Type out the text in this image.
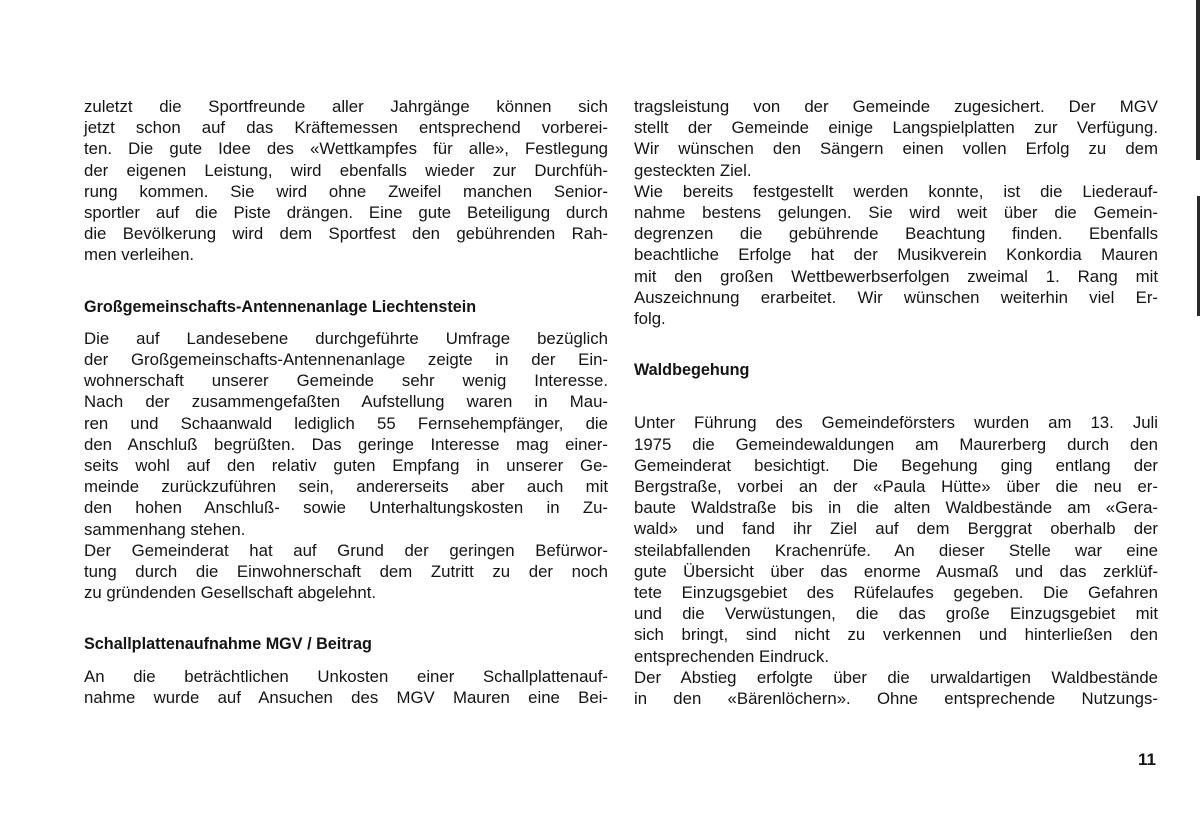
zuletzt die Sportfreunde aller Jahrgänge können sich
jetzt schon auf das Kräftemessen entsprechend vorberei-
ten. Die gute Idee des «Wettkampfes für alle», Festlegung
der eigenen Leistung, wird ebenfalls wieder zur Durchfüh-
rung kommen. Sie wird ohne Zweifel manchen Senior-
sportler auf die Piste drängen. Eine gute Beteiligung durch
die Bevölkerung wird dem Sportfest den gebührenden Rah-
men verleihen.
Großgemeinschafts-Antennenanlage Liechtenstein
Die auf Landesebene durchgeführte Umfrage bezüglich
der Großgemeinschafts-Antennenanlage zeigte in der Ein-
wohnerschaft unserer Gemeinde sehr wenig Interesse.
Nach der zusammengefaßten Aufstellung waren in Mau-
ren und Schaanwald lediglich 55 Fernsehempfänger, die
den Anschluß begrüßten. Das geringe Interesse mag einer-
seits wohl auf den relativ guten Empfang in unserer Ge-
meinde zurückzuführen sein, andererseits aber auch mit
den hohen Anschluß- sowie Unterhaltungskosten in Zu-
sammenhang stehen.
Der Gemeinderat hat auf Grund der geringen Befürwor-
tung durch die Einwohnerschaft dem Zutritt zu der noch
zu gründenden Gesellschaft abgelehnt.
Schallplattenaufnahme MGV / Beitrag
An die beträchtlichen Unkosten einer Schallplattenauf-
nahme wurde auf Ansuchen des MGV Mauren eine Bei-
tragsleistung von der Gemeinde zugesichert. Der MGV
stellt der Gemeinde einige Langspielplatten zur Verfügung.
Wir wünschen den Sängern einen vollen Erfolg zu dem
gesteckten Ziel.
Wie bereits festgestellt werden konnte, ist die Liederauf-
nahme bestens gelungen. Sie wird weit über die Gemein-
degrenzen die gebührende Beachtung finden. Ebenfalls
beachtliche Erfolge hat der Musikverein Konkordia Mauren
mit den großen Wettbewerbserfolgen zweimal 1. Rang mit
Auszeichnung erarbeitet. Wir wünschen weiterhin viel Er-
folg.
Waldbegehung
Unter Führung des Gemeindeförsters wurden am 13. Juli
1975 die Gemeindewaldungen am Maurerberg durch den
Gemeinderat besichtigt. Die Begehung ging entlang der
Bergstraße, vorbei an der «Paula Hütte» über die neu er-
baute Waldstraße bis in die alten Waldbestände am «Gera-
wald» und fand ihr Ziel auf dem Berggrat oberhalb der
steilabfallenden Krachenrüfe. An dieser Stelle war eine
gute Übersicht über das enorme Ausmaß und das zerklüf-
tete Einzugsgebiet des Rüfelaufes gegeben. Die Gefahren
und die Verwüstungen, die das große Einzugsgebiet mit
sich bringt, sind nicht zu verkennen und hinterließen den
entsprechenden Eindruck.
Der Abstieg erfolgte über die urwaldartigen Waldbestände
in den «Bärenlöchern». Ohne entsprechende Nutzungs-
11
